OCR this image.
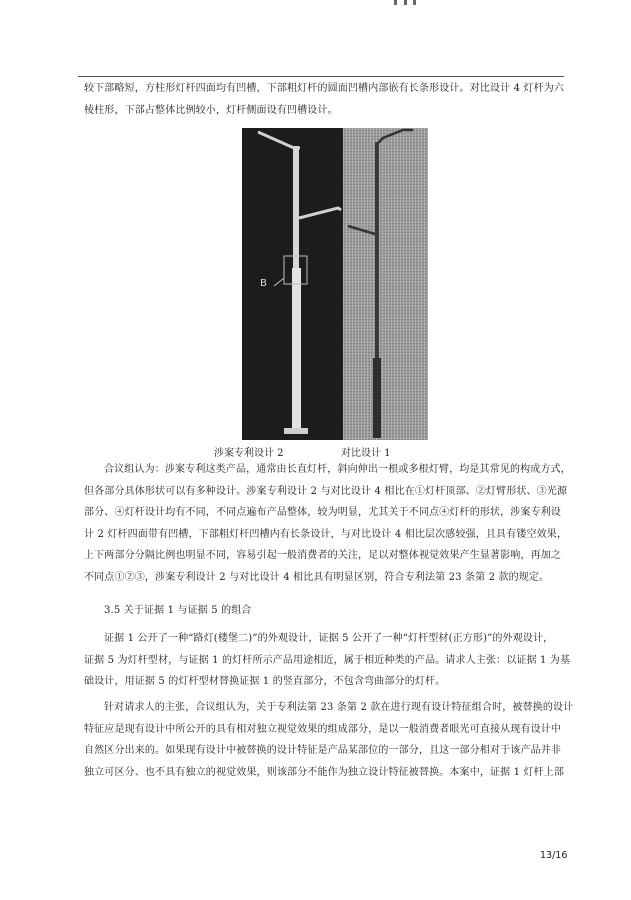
较下部略短，方柱形灯杆四面均有凹槽，下部粗灯杆的圆面凹槽内部嵌有长条形设计。对比设计 4 灯杆为六
棱柱形，下部占整体比例较小，灯杆侧面设有凹槽设计。
B
涉案专利设计 2	对比设计 1
合议组认为：涉案专利这类产品，通常由长直灯杆，斜向伸出一根或多根灯臂，均是其常见的构成方式，
但各部分具体形状可以有多种设计。涉案专利设计 2 与对比设计 4 相比在①灯杆顶部、②灯臂形状、③光源
部分、④灯杆设计均有不同，不同点遍布产品整体，较为明显，尤其关于不同点④灯杆的形状，涉案专利设
计 2 灯杆四面带有凹槽，下部粗灯杆凹槽内有长条设计，与对比设计 4 相比层次感较强，且具有镂空效果，
上下两部分分隔比例也明显不同，容易引起一般消费者的关注，足以对整体视觉效果产生显著影响，再加之
不同点①②③，涉案专利设计 2 与对比设计 4 相比具有明显区别，符合专利法第 23 条第 2 款的规定。
3.5 关于证据 1 与证据 5 的组合
证据 1 公开了一种“路灯(楼堡二)”的外观设计，证据 5 公开了一种“灯杆型材(正方形)”的外观设计，
证据 5 为灯杆型材，与证据 1 的灯杆所示产品用途相近，属于相近种类的产品。请求人主张：以证据 1 为基
础设计，用证据 5 的灯杆型材替换证据 1 的竖直部分，不包含弯曲部分的灯杆。
针对请求人的主张，合议组认为，关于专利法第 23 条第 2 款在进行现有设计特征组合时，被替换的设计
特征应是现有设计中所公开的具有相对独立视觉效果的组成部分，是以一般消费者眼光可直接从现有设计中
自然区分出来的。如果现有设计中被替换的设计特征是产品某部位的一部分，且这一部分相对于该产品并非
独立可区分、也不具有独立的视觉效果，则该部分不能作为独立设计特征被替换。本案中，证据 1 灯杆上部
13/16
